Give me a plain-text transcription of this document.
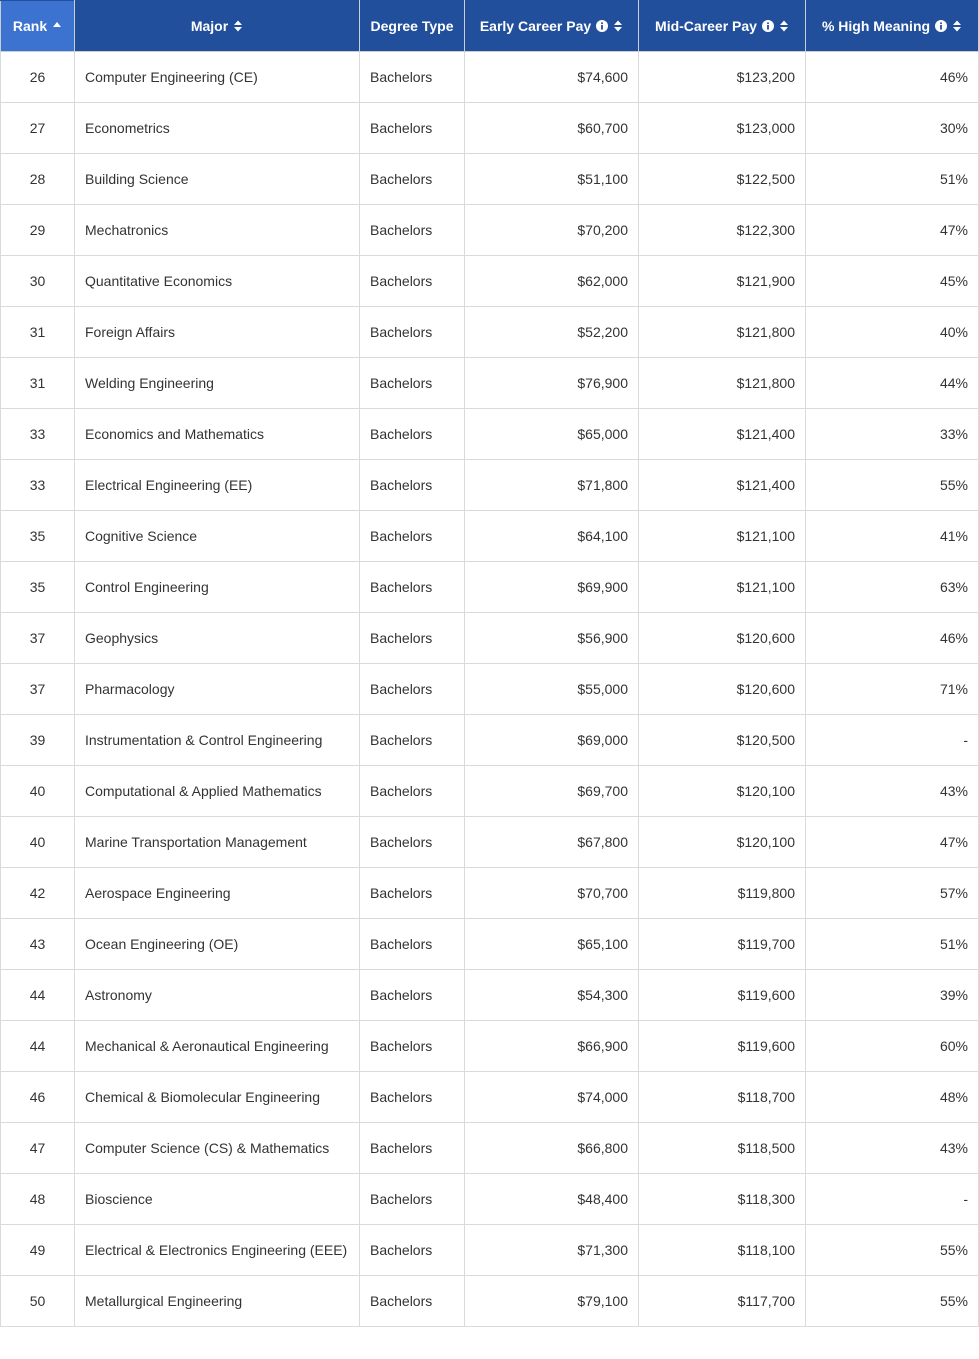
Rank	Major	Degree Type	Early Career Pay	Mid-Career Pay	% High Meaning

26	Computer Engineering (CE)	Bachelors	$74,600	$123,200	46%
27	Econometrics	Bachelors	$60,700	$123,000	30%
28	Building Science	Bachelors	$51,100	$122,500	51%
29	Mechatronics	Bachelors	$70,200	$122,300	47%
30	Quantitative Economics	Bachelors	$62,000	$121,900	45%
31	Foreign Affairs	Bachelors	$52,200	$121,800	40%
31	Welding Engineering	Bachelors	$76,900	$121,800	44%
33	Economics and Mathematics	Bachelors	$65,000	$121,400	33%
33	Electrical Engineering (EE)	Bachelors	$71,800	$121,400	55%
35	Cognitive Science	Bachelors	$64,100	$121,100	41%
35	Control Engineering	Bachelors	$69,900	$121,100	63%
37	Geophysics	Bachelors	$56,900	$120,600	46%
37	Pharmacology	Bachelors	$55,000	$120,600	71%
39	Instrumentation & Control Engineering	Bachelors	$69,000	$120,500	-
40	Computational & Applied Mathematics	Bachelors	$69,700	$120,100	43%
40	Marine Transportation Management	Bachelors	$67,800	$120,100	47%
42	Aerospace Engineering	Bachelors	$70,700	$119,800	57%
43	Ocean Engineering (OE)	Bachelors	$65,100	$119,700	51%
44	Astronomy	Bachelors	$54,300	$119,600	39%
44	Mechanical & Aeronautical Engineering	Bachelors	$66,900	$119,600	60%
46	Chemical & Biomolecular Engineering	Bachelors	$74,000	$118,700	48%
47	Computer Science (CS) & Mathematics	Bachelors	$66,800	$118,500	43%
48	Bioscience	Bachelors	$48,400	$118,300	-
49	Electrical & Electronics Engineering (EEE)	Bachelors	$71,300	$118,100	55%
50	Metallurgical Engineering	Bachelors	$79,100	$117,700	55%
